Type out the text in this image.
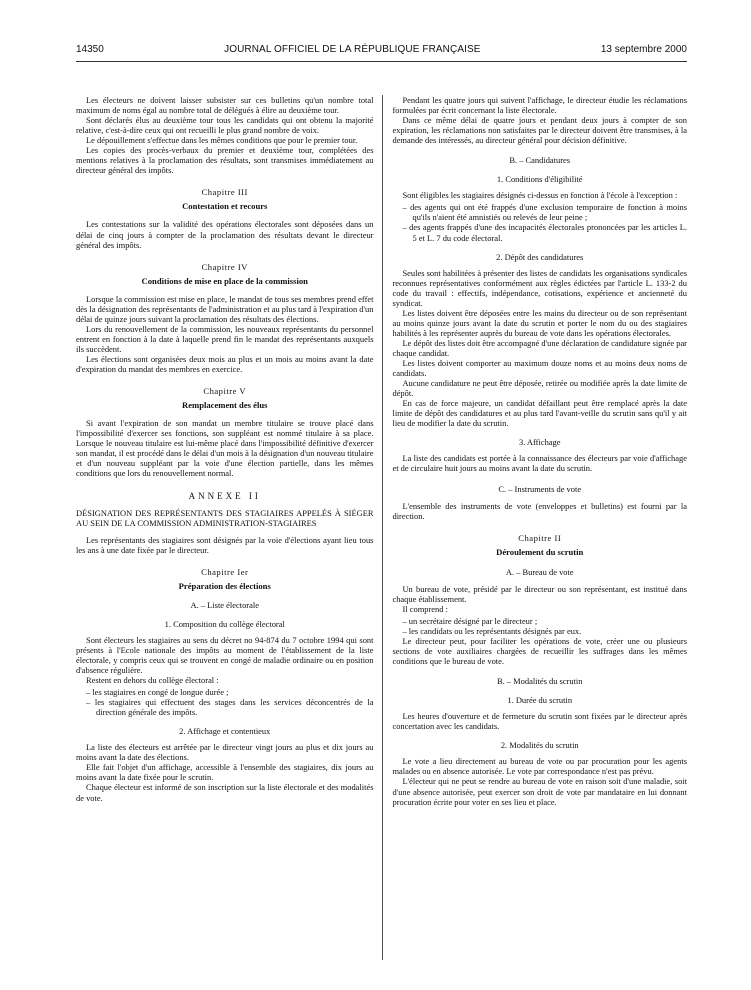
14350	JOURNAL OFFICIEL DE LA RÉPUBLIQUE FRANÇAISE	13 septembre 2000

Les électeurs ne doivent laisser subsister sur ces bulletins qu'un nombre total maximum de noms égal au nombre total de délégués à élire au deuxième tour.

Sont déclarés élus au deuxième tour tous les candidats qui ont obtenu la majorité relative, c'est-à-dire ceux qui ont recueilli le plus grand nombre de voix.

Le dépouillement s'effectue dans les mêmes conditions que pour le premier tour.

Les copies des procès-verbaux du premier et deuxième tour, complétées des mentions relatives à la proclamation des résultats, sont transmises immédiatement au directeur général des impôts.

Chapitre III

Contestation et recours

Les contestations sur la validité des opérations électorales sont déposées dans un délai de cinq jours à compter de la proclamation des résultats devant le directeur général des impôts.

Chapitre IV

Conditions de mise en place de la commission

Lorsque la commission est mise en place, le mandat de tous ses membres prend effet dès la désignation des représentants de l'administration et au plus tard à l'expiration d'un délai de quinze jours suivant la proclamation des résultats des élections.

Lors du renouvellement de la commission, les nouveaux représentants du personnel entrent en fonction à la date à laquelle prend fin le mandat des représentants auxquels ils succèdent.

Les élections sont organisées deux mois au plus et un mois au moins avant la date d'expiration du mandat des membres en exercice.

Chapitre V

Remplacement des élus

Si avant l'expiration de son mandat un membre titulaire se trouve placé dans l'impossibilité d'exercer ses fonctions, son suppléant est nommé titulaire à sa place. Lorsque le nouveau titulaire est lui-même placé dans l'impossibilité définitive d'exercer son mandat, il est procédé dans le délai d'un mois à la désignation d'un nouveau titulaire et d'un nouveau suppléant par la voie d'une élection partielle, dans les mêmes conditions que lors du renouvellement normal.

ANNEXE II

DÉSIGNATION DES REPRÉSENTANTS DES STAGIAIRES APPELÉS À SIÉGER AU SEIN DE LA COMMISSION ADMINISTRATION-STAGIAIRES

Les représentants des stagiaires sont désignés par la voie d'élections ayant lieu tous les ans à une date fixée par le directeur.

Chapitre Ier

Préparation des élections

A. – Liste électorale

1. Composition du collège électoral

Sont électeurs les stagiaires au sens du décret no 94-874 du 7 octobre 1994 qui sont présents à l'Ecole nationale des impôts au moment de l'établissement de la liste électorale, y compris ceux qui se trouvent en congé de maladie ordinaire ou en position d'absence régulière.

Restent en dehors du collège électoral :

– les stagiaires en congé de longue durée ;
– les stagiaires qui effectuent des stages dans les services déconcentrés de la direction générale des impôts.

2. Affichage et contentieux

La liste des électeurs est arrêtée par le directeur vingt jours au plus et dix jours au moins avant la date des élections.

Elle fait l'objet d'un affichage, accessible à l'ensemble des stagiaires, dix jours au moins avant la date fixée pour le scrutin.

Chaque électeur est informé de son inscription sur la liste électorale et des modalités de vote.

Pendant les quatre jours qui suivent l'affichage, le directeur étudie les réclamations formulées par écrit concernant la liste électorale.

Dans ce même délai de quatre jours et pendant deux jours à compter de son expiration, les réclamations non satisfaites par le directeur doivent être transmises, à la demande des intéressés, au directeur général pour décision définitive.

B. – Candidatures

1. Conditions d'éligibilité

Sont éligibles les stagiaires désignés ci-dessus en fonction à l'école à l'exception :

– des agents qui ont été frappés d'une exclusion temporaire de fonction à moins qu'ils n'aient été amnistiés ou relevés de leur peine ;
– des agents frappés d'une des incapacités électorales prononcées par les articles L. 5 et L. 7 du code électoral.

2. Dépôt des candidatures

Seules sont habilitées à présenter des listes de candidats les organisations syndicales reconnues représentatives conformément aux règles édictées par l'article L. 133-2 du code du travail : effectifs, indépendance, cotisations, expérience et ancienneté du syndicat.

Les listes doivent être déposées entre les mains du directeur ou de son représentant au moins quinze jours avant la date du scrutin et porter le nom du ou des stagiaires habilités à les représenter auprès du bureau de vote dans les opérations électorales.

Le dépôt des listes doit être accompagné d'une déclaration de candidature signée par chaque candidat.

Les listes doivent comporter au maximum douze noms et au moins deux noms de candidats.

Aucune candidature ne peut être déposée, retirée ou modifiée après la date limite de dépôt.

En cas de force majeure, un candidat défaillant peut être remplacé après la date limite de dépôt des candidatures et au plus tard l'avant-veille du scrutin sans qu'il y ait lieu de modifier la date du scrutin.

3. Affichage

La liste des candidats est portée à la connaissance des électeurs par voie d'affichage et de circulaire huit jours au moins avant la date du scrutin.

C. – Instruments de vote

L'ensemble des instruments de vote (enveloppes et bulletins) est fourni par la direction.

Chapitre II

Déroulement du scrutin

A. – Bureau de vote

Un bureau de vote, présidé par le directeur ou son représentant, est institué dans chaque établissement.

Il comprend :

– un secrétaire désigné par le directeur ;
– les candidats ou les représentants désignés par eux.

Le directeur peut, pour faciliter les opérations de vote, créer une ou plusieurs sections de vote auxiliaires chargées de recueillir les suffrages dans les mêmes conditions que le bureau de vote.

B. – Modalités du scrutin

1. Durée du scrutin

Les heures d'ouverture et de fermeture du scrutin sont fixées par le directeur après concertation avec les candidats.

2. Modalités du scrutin

Le vote a lieu directement au bureau de vote ou par procuration pour les agents malades ou en absence autorisée. Le vote par correspondance n'est pas prévu.

L'électeur qui ne peut se rendre au bureau de vote en raison soit d'une maladie, soit d'une absence autorisée, peut exercer son droit de vote par mandataire en lui donnant procuration écrite pour voter en ses lieu et place.
